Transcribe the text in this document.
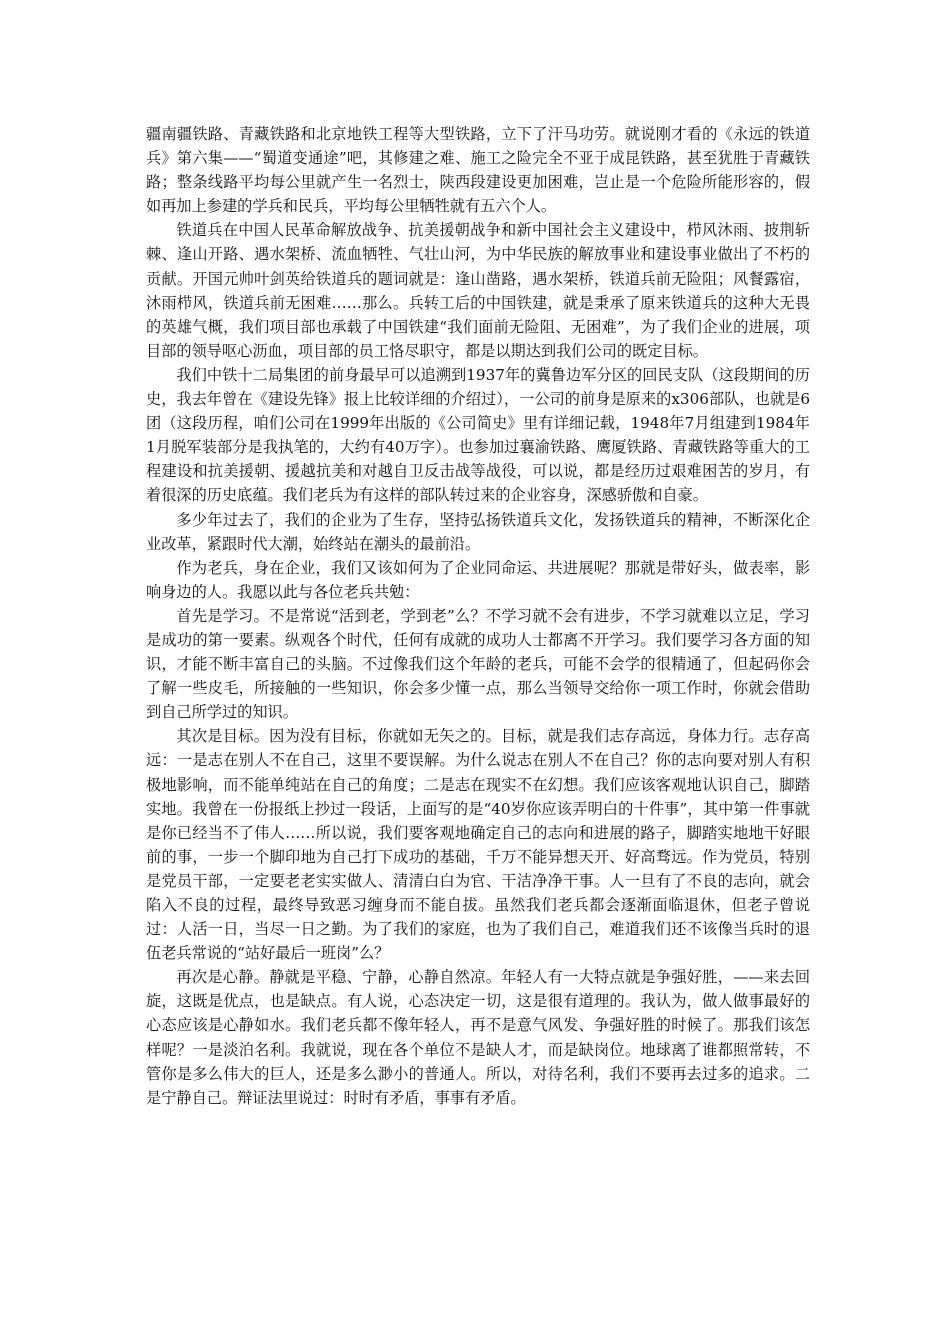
疆南疆铁路、青藏铁路和北京地铁工程等大型铁路，立下了汗马功劳。就说刚才看的《永远的铁道兵》第六集——“蜀道变通途”吧，其修建之难、施工之险完全不亚于成昆铁路，甚至犹胜于青藏铁路；整条线路平均每公里就产生一名烈士，陕西段建设更加困难，岂止是一个危险所能形容的，假如再加上参建的学兵和民兵，平均每公里牺牲就有五六个人。

铁道兵在中国人民革命解放战争、抗美援朝战争和新中国社会主义建设中，栉风沐雨、披荆斩棘、逢山开路、遇水架桥、流血牺牲、气壮山河，为中华民族的解放事业和建设事业做出了不朽的贡献。开国元帅叶剑英给铁道兵的题词就是：逢山凿路，遇水架桥，铁道兵前无险阻；风餐露宿，沐雨栉风，铁道兵前无困难……那么。兵转工后的中国铁建，就是秉承了原来铁道兵的这种大无畏的英雄气概，我们项目部也承载了中国铁建“我们面前无险阻、无困难”，为了我们企业的进展，项目部的领导呕心沥血，项目部的员工恪尽职守，都是以期达到我们公司的既定目标。

我们中铁十二局集团的前身最早可以追溯到1937年的冀鲁边军分区的回民支队（这段期间的历史，我去年曾在《建设先锋》报上比较详细的介绍过），一公司的前身是原来的x306部队，也就是6团（这段历程，咱们公司在1999年出版的《公司简史》里有详细记载，1948年7月组建到1984年1月脱军装部分是我执笔的，大约有40万字）。也参加过襄渝铁路、鹰厦铁路、青藏铁路等重大的工程建设和抗美援朝、援越抗美和对越自卫反击战等战役，可以说，都是经历过艰难困苦的岁月，有着很深的历史底蕴。我们老兵为有这样的部队转过来的企业容身，深感骄傲和自豪。

多少年过去了，我们的企业为了生存，坚持弘扬铁道兵文化，发扬铁道兵的精神，不断深化企业改革，紧跟时代大潮，始终站在潮头的最前沿。

作为老兵，身在企业，我们又该如何为了企业同命运、共进展呢？那就是带好头，做表率，影响身边的人。我愿以此与各位老兵共勉：

首先是学习。不是常说“活到老，学到老”么？不学习就不会有进步，不学习就难以立足，学习是成功的第一要素。纵观各个时代，任何有成就的成功人士都离不开学习。我们要学习各方面的知识，才能不断丰富自己的头脑。不过像我们这个年龄的老兵，可能不会学的很精通了，但起码你会了解一些皮毛，所接触的一些知识，你会多少懂一点，那么当领导交给你一项工作时，你就会借助到自己所学过的知识。

其次是目标。因为没有目标，你就如无矢之的。目标，就是我们志存高远，身体力行。志存高远：一是志在别人不在自己，这里不要误解。为什么说志在别人不在自己？你的志向要对别人有积极地影响，而不能单纯站在自己的角度；二是志在现实不在幻想。我们应该客观地认识自己，脚踏实地。我曾在一份报纸上抄过一段话，上面写的是“40岁你应该弄明白的十件事”，其中第一件事就是你已经当不了伟人……所以说，我们要客观地确定自己的志向和进展的路子，脚踏实地地干好眼前的事，一步一个脚印地为自己打下成功的基础，千万不能异想天开、好高骛远。作为党员，特别是党员干部，一定要老老实实做人、清清白白为官、干洁净净干事。人一旦有了不良的志向，就会陷入不良的过程，最终导致恶习缠身而不能自拔。虽然我们老兵都会逐渐面临退休，但老子曾说过：人活一日，当尽一日之勤。为了我们的家庭，也为了我们自己，难道我们还不该像当兵时的退伍老兵常说的“站好最后一班岗”么？

再次是心静。静就是平稳、宁静，心静自然凉。年轻人有一大特点就是争强好胜，——来去回旋，这既是优点，也是缺点。有人说，心态决定一切，这是很有道理的。我认为，做人做事最好的心态应该是心静如水。我们老兵都不像年轻人，再不是意气风发、争强好胜的时候了。那我们该怎样呢？一是淡泊名利。我就说，现在各个单位不是缺人才，而是缺岗位。地球离了谁都照常转，不管你是多么伟大的巨人，还是多么渺小的普通人。所以，对待名利，我们不要再去过多的追求。二是宁静自己。辩证法里说过：时时有矛盾，事事有矛盾。
